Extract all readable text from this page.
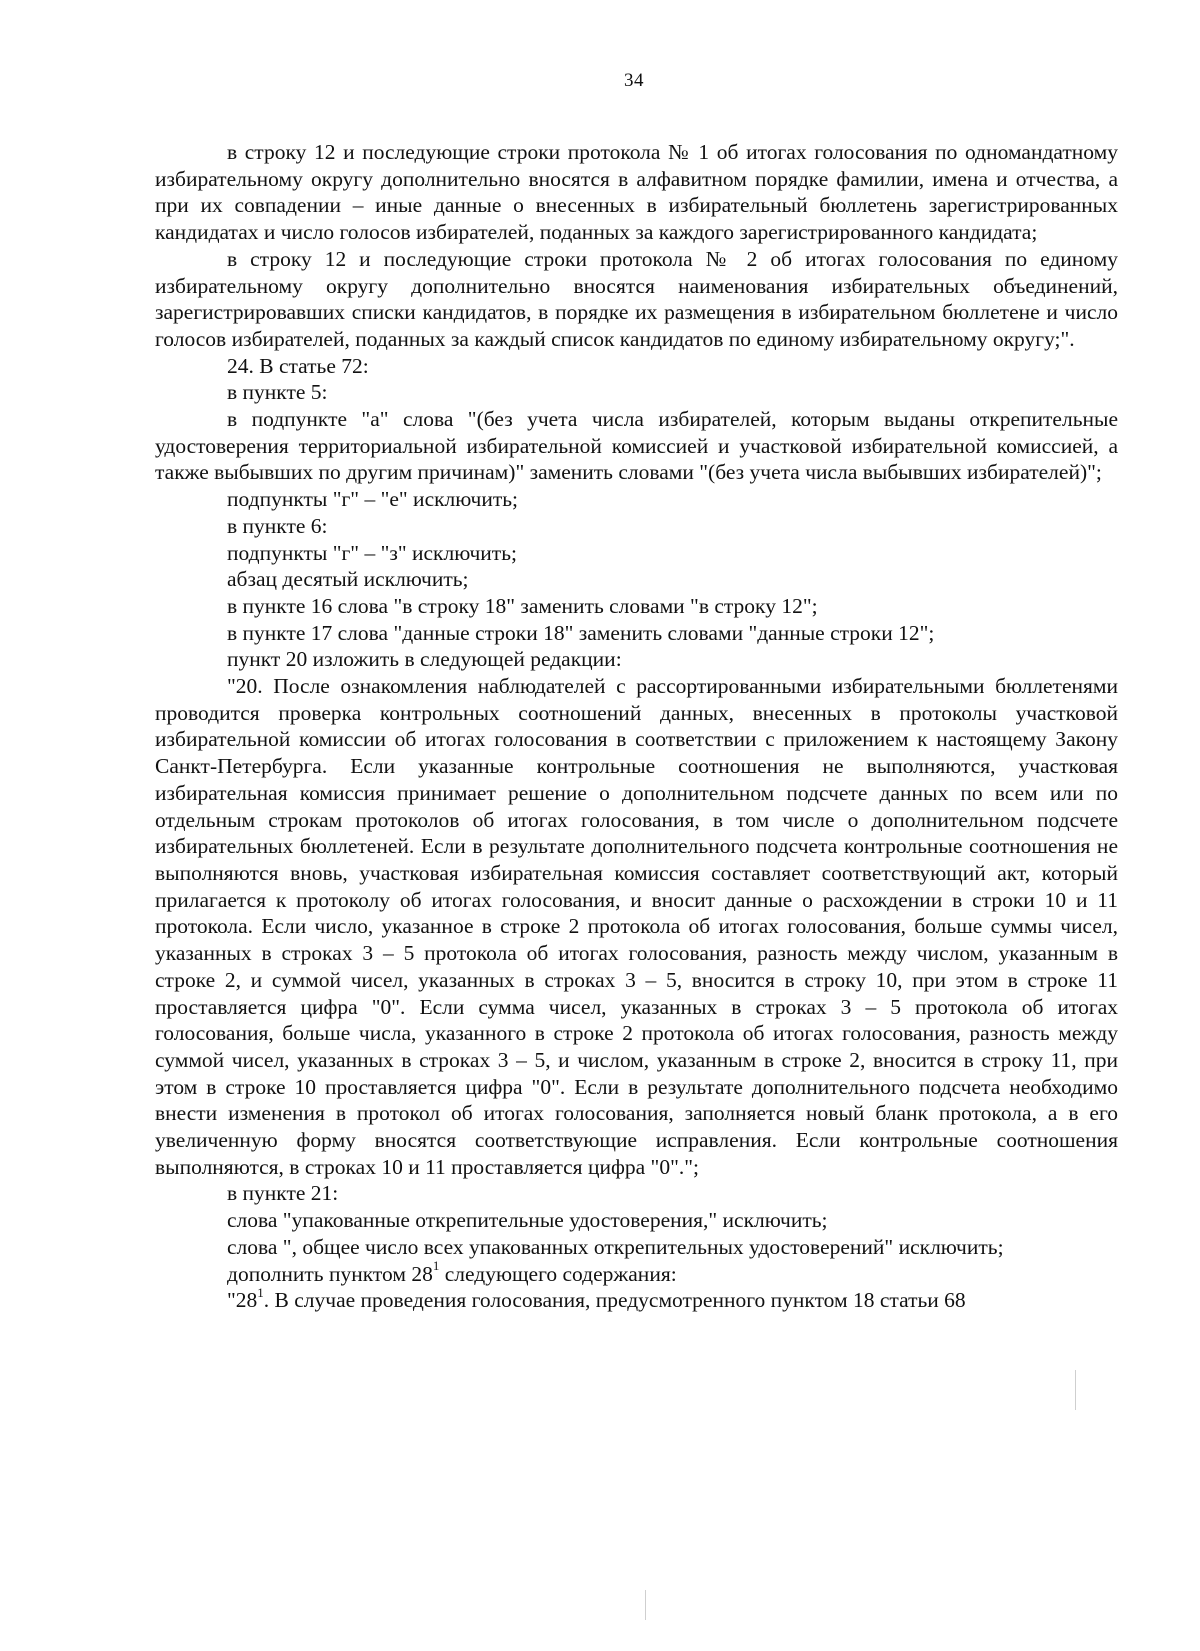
34

в строку 12 и последующие строки протокола № 1 об итогах голосования по одномандатному избирательному округу дополнительно вносятся в алфавитном порядке фамилии, имена и отчества, а при их совпадении – иные данные о внесенных в избирательный бюллетень зарегистрированных кандидатах и число голосов избирателей, поданных за каждого зарегистрированного кандидата;

в строку 12 и последующие строки протокола № 2 об итогах голосования по единому избирательному округу дополнительно вносятся наименования избирательных объединений, зарегистрировавших списки кандидатов, в порядке их размещения в избирательном бюллетене и число голосов избирателей, поданных за каждый список кандидатов по единому избирательному округу;".

24. В статье 72:

в пункте 5:

в подпункте "а" слова "(без учета числа избирателей, которым выданы открепительные удостоверения территориальной избирательной комиссией и участковой избирательной комиссией, а также выбывших по другим причинам)" заменить словами "(без учета числа выбывших избирателей)";

подпункты "г" – "е" исключить;

в пункте 6:

подпункты "г" – "з" исключить;

абзац десятый исключить;

в пункте 16 слова "в строку 18" заменить словами "в строку 12";

в пункте 17 слова "данные строки 18" заменить словами "данные строки 12";

пункт 20 изложить в следующей редакции:

"20. После ознакомления наблюдателей с рассортированными избирательными бюллетенями проводится проверка контрольных соотношений данных, внесенных в протоколы участковой избирательной комиссии об итогах голосования в соответствии с приложением к настоящему Закону Санкт-Петербурга. Если указанные контрольные соотношения не выполняются, участковая избирательная комиссия принимает решение о дополнительном подсчете данных по всем или по отдельным строкам протоколов об итогах голосования, в том числе о дополнительном подсчете избирательных бюллетеней. Если в результате дополнительного подсчета контрольные соотношения не выполняются вновь, участковая избирательная комиссия составляет соответствующий акт, который прилагается к протоколу об итогах голосования, и вносит данные о расхождении в строки 10 и 11 протокола. Если число, указанное в строке 2 протокола об итогах голосования, больше суммы чисел, указанных в строках 3 – 5 протокола об итогах голосования, разность между числом, указанным в строке 2, и суммой чисел, указанных в строках 3 – 5, вносится в строку 10, при этом в строке 11 проставляется цифра "0". Если сумма чисел, указанных в строках 3 – 5 протокола об итогах голосования, больше числа, указанного в строке 2 протокола об итогах голосования, разность между суммой чисел, указанных в строках 3 – 5, и числом, указанным в строке 2, вносится в строку 11, при этом в строке 10 проставляется цифра "0". Если в результате дополнительного подсчета необходимо внести изменения в протокол об итогах голосования, заполняется новый бланк протокола, а в его увеличенную форму вносятся соответствующие исправления. Если контрольные соотношения выполняются, в строках 10 и 11 проставляется цифра "0".";

в пункте 21:

слова "упакованные открепительные удостоверения," исключить;

слова ", общее число всех упакованных открепительных удостоверений" исключить;

дополнить пунктом $28^1$ следующего содержания:

"$28^1$. В случае проведения голосования, предусмотренного пунктом 18 статьи 68
